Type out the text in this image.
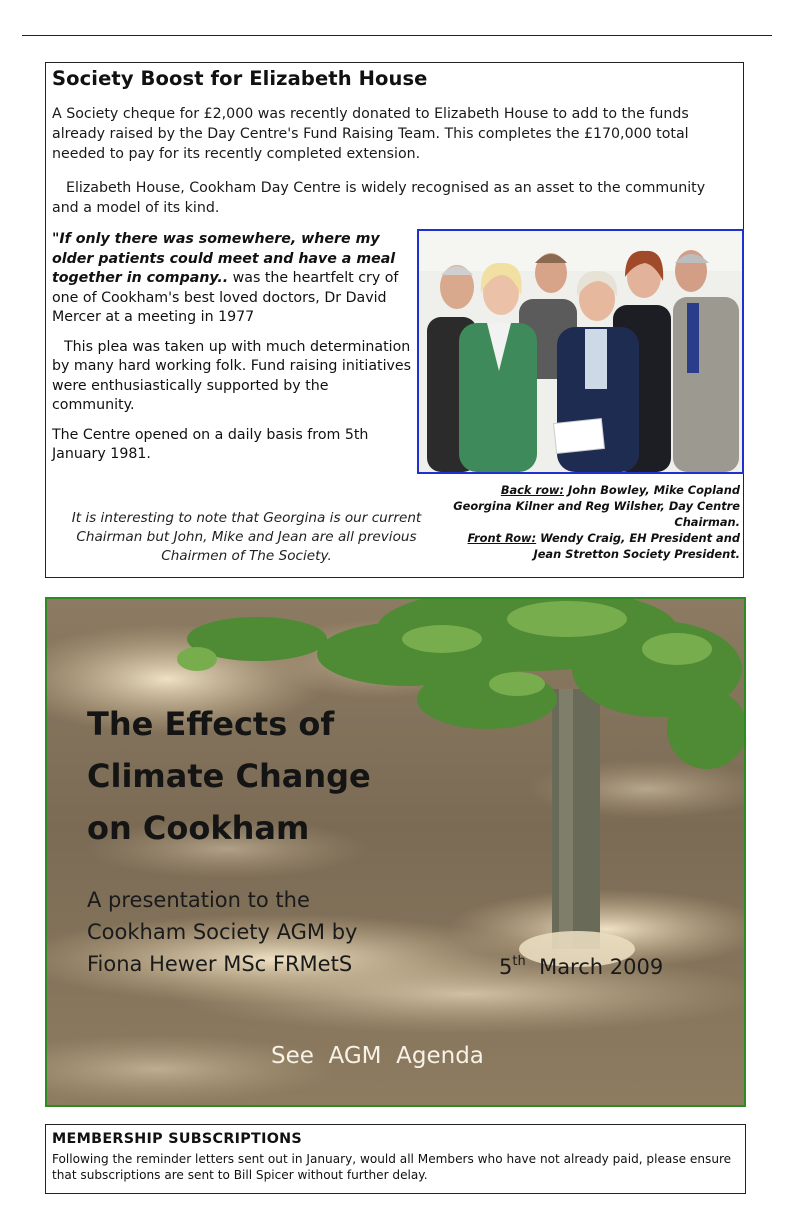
Society Boost for Elizabeth House

A Society cheque for £2,000 was recently donated to Elizabeth House to add to the funds already raised by the Day Centre's Fund Raising Team. This completes the £170,000 total needed to pay for its recently completed extension.

Elizabeth House, Cookham Day Centre is widely recognised as an asset to the community and a model of its kind.

"If only there was somewhere, where my older patients could meet and have a meal together in company.. was the heartfelt cry of one of Cookham's best loved doctors, Dr David Mercer at a meeting in 1977

This plea was taken up with much determination by many hard working folk. Fund raising initiatives were enthusiastically supported by the community.

The Centre opened on a daily basis from 5th January 1981.

Back row: John Bowley, Mike Copland Georgina Kilner and Reg Wilsher, Day Centre Chairman.
Front Row: Wendy Craig, EH President and Jean Stretton Society President.
It is interesting to note that Georgina is our current Chairman but John, Mike and Jean are all previous Chairmen of The Society.
The Effects of
Climate Change
on Cookham
A presentation to the
Cookham Society AGM by
Fiona Hewer MSc FRMetS	5th  March 2009
See  AGM  Agenda
MEMBERSHIP SUBSCRIPTIONS

Following the reminder letters sent out in January, would all Members who have not already paid, please ensure that subscriptions are sent to Bill Spicer without further delay.
